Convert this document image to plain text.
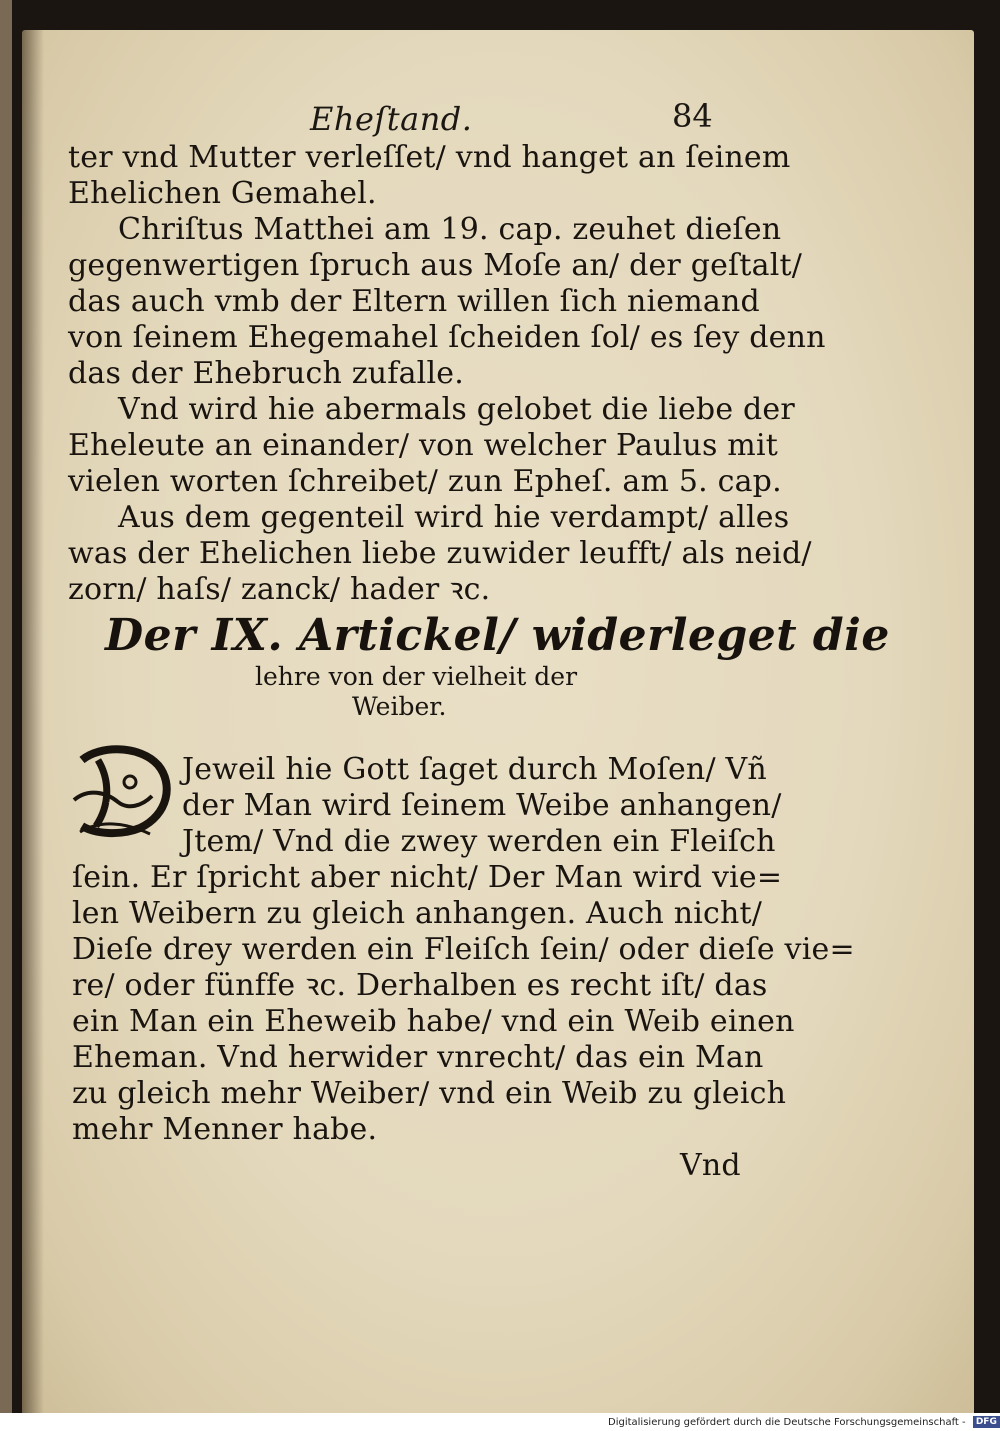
Eheſtand.	84
ter vnd Mutter verleſſet/ vnd hanget an ſeinem
Ehelichen Gemahel.
Chriſtus Matthei am 19. cap. zeuhet dieſen
gegenwertigen ſpruch aus Moſe an/ der geſtalt/
das auch vmb der Eltern willen ſich niemand
von ſeinem Ehegemahel ſcheiden ſol/ es ſey denn
das der Ehebruch zufalle.
Vnd wird hie abermals gelobet die liebe der
Eheleute an einander/ von welcher Paulus mit
vielen worten ſchreibet/ zun Epheſ. am 5. cap.
Aus dem gegenteil wird hie verdampt/ alles
was der Ehelichen liebe zuwider leufft/ als neid/
zorn/ haſs/ zanck/ hader ꝛc.
Der IX. Artickel/ widerleget die
lehre von der vielheit der
Weiber.
D
Jeweil hie Gott ſaget durch Moſen/ Vñ
der Man wird ſeinem Weibe anhangen/
Jtem/ Vnd die zwey werden ein Fleiſch
ſein. Er ſpricht aber nicht/ Der Man wird vie=
len Weibern zu gleich anhangen. Auch nicht/
Dieſe drey werden ein Fleiſch ſein/ oder dieſe vie=
re/ oder fünffe ꝛc. Derhalben es recht iſt/ das
ein Man ein Eheweib habe/ vnd ein Weib einen
Eheman. Vnd herwider vnrecht/ das ein Man
zu gleich mehr Weiber/ vnd ein Weib zu gleich
mehr Menner habe.
Vnd
Digitalisierung gefördert durch die Deutsche Forschungsgemeinschaft - DFG
